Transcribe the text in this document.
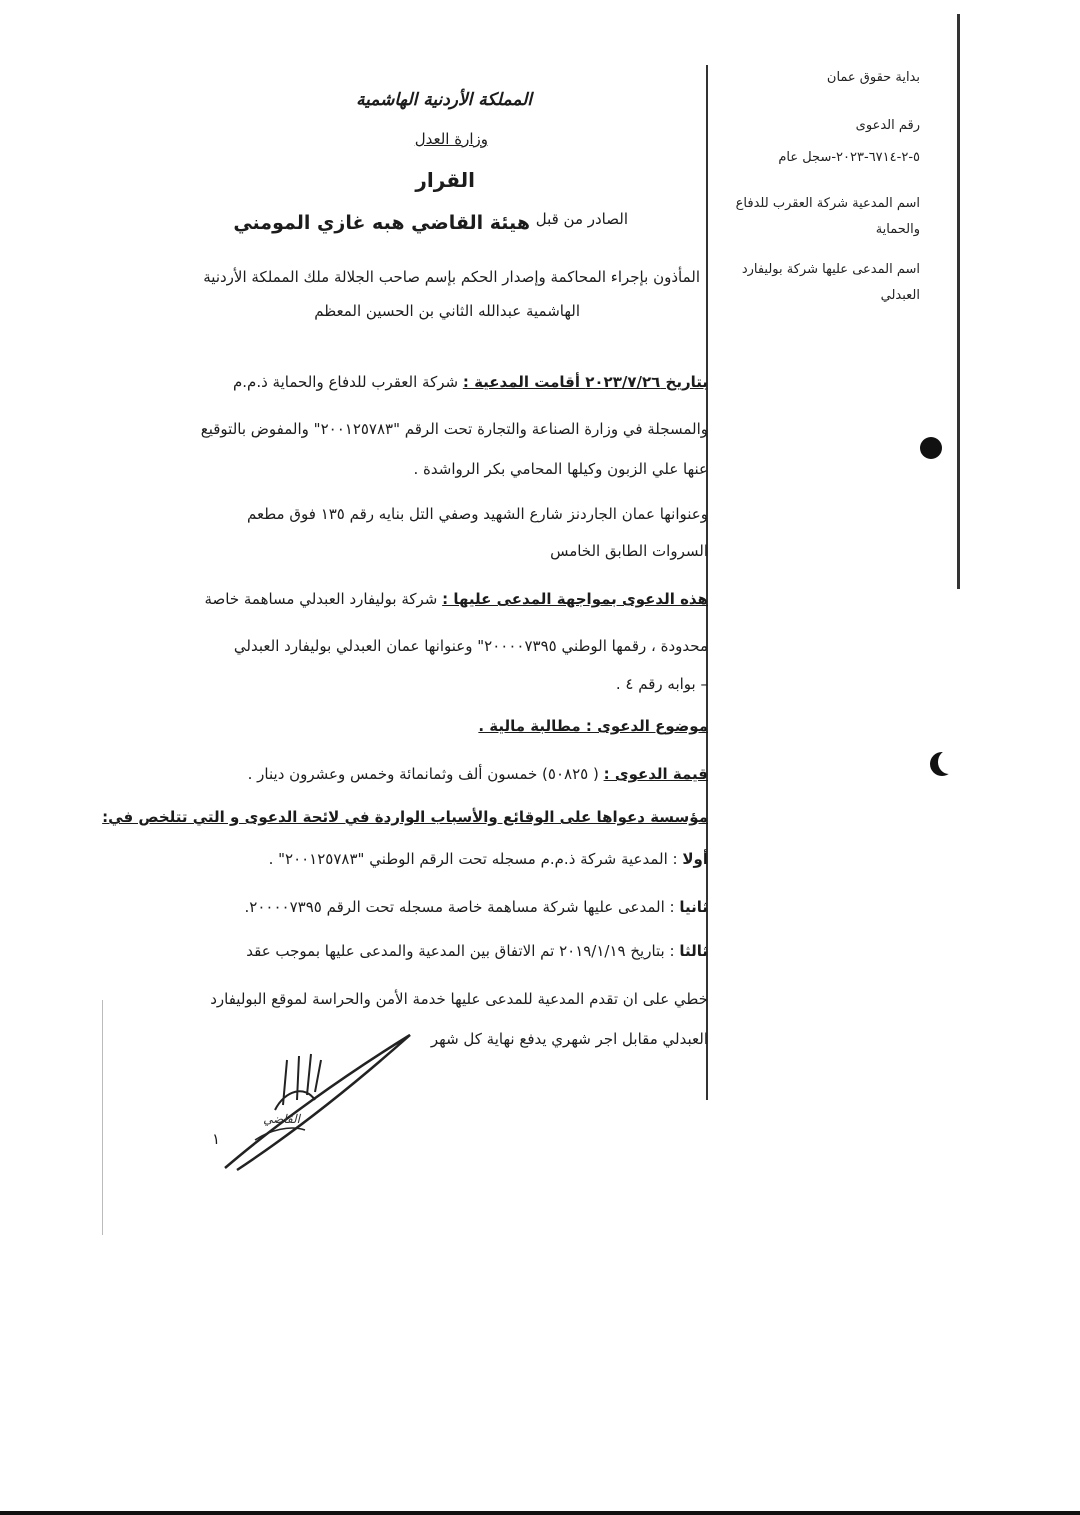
بداية حقوق عمان
رقم الدعوى
٥-٢-٦٧١٤-٢٠٢٣-سجل عام
اسم المدعية شركة العقرب للدفاع
والحماية
اسم المدعى عليها شركة بوليفارد
العبدلي
المملكة الأردنية الهاشمية
وزارة العدل
القرار
الصادر من قبل
هيئة القاضي هبه غازي المومني
المأذون بإجراء المحاكمة وإصدار الحكم بإسم صاحب الجلالة ملك المملكة الأردنية
الهاشمية عبدالله الثاني بن الحسين المعظم
بتاريخ ٢٠٢٣/٧/٢٦ أقامت المدعية : شركة العقرب للدفاع والحماية ذ.م.م
والمسجلة في وزارة الصناعة والتجارة تحت الرقم "٢٠٠١٢٥٧٨٣" والمفوض بالتوقيع
عنها علي الزبون وكيلها المحامي بكر الرواشدة .
وعنوانها عمان الجاردنز شارع الشهيد وصفي التل بنايه رقم ١٣٥ فوق مطعم
السروات الطابق الخامس
هذه الدعوى بمواجهة المدعى عليها : شركة بوليفارد العبدلي مساهمة خاصة
محدودة ، رقمها الوطني ٢٠٠٠٠٧٣٩٥" وعنوانها عمان العبدلي بوليفارد العبدلي
– بوابه رقم ٤ .
موضوع الدعوى : مطالبة مالية .
قيمة الدعوى : ( ٥٠٨٢٥) خمسون ألف وثمانمائة وخمس وعشرون دينار .
مؤسسة دعواها على الوقائع والأسباب الواردة في لائحة الدعوى و التي تتلخص في:
أولا : المدعية شركة ذ.م.م مسجله تحت الرقم الوطني "٢٠٠١٢٥٧٨٣" .
ثانيا : المدعى عليها شركة مساهمة خاصة مسجله تحت الرقم ٢٠٠٠٠٧٣٩٥.
ثالثا : بتاريخ ٢٠١٩/١/١٩ تم الاتفاق بين المدعية والمدعى عليها بموجب عقد
خطي على ان تقدم المدعية للمدعى عليها خدمة الأمن والحراسة لموقع البوليفارد
العبدلي مقابل اجر شهري يدفع نهاية كل شهر
القاضي
١
